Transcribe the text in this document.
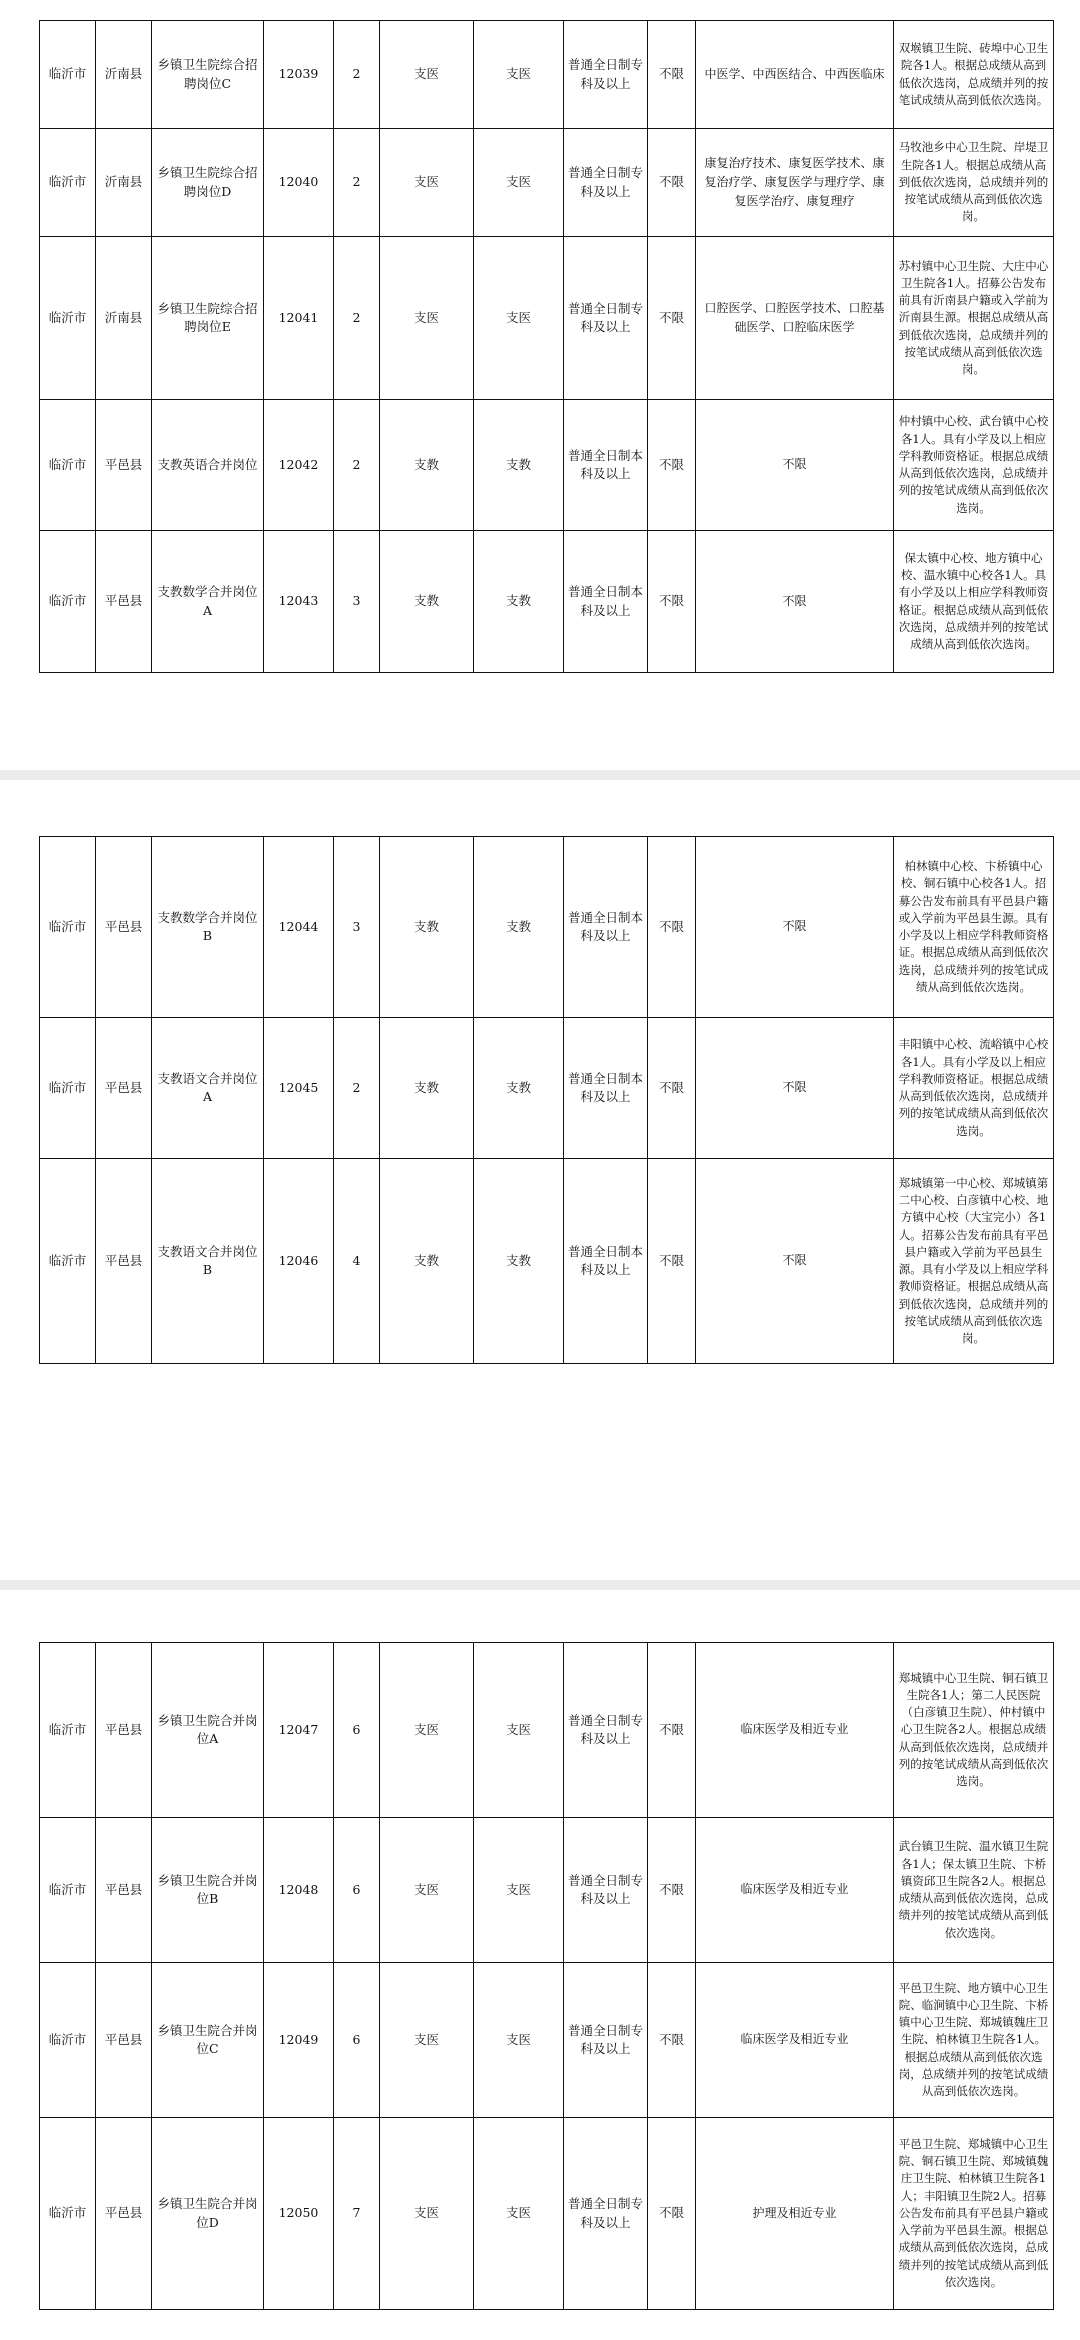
临沂市	沂南县	乡镇卫生院综合招聘岗位C	12039	2	支医	支医	普通全日制专科及以上	不限	中医学、中西医结合、中西医临床	双堠镇卫生院、砖埠中心卫生院各1人。根据总成绩从高到低依次选岗，总成绩并列的按笔试成绩从高到低依次选岗。
临沂市	沂南县	乡镇卫生院综合招聘岗位D	12040	2	支医	支医	普通全日制专科及以上	不限	康复治疗技术、康复医学技术、康复治疗学、康复医学与理疗学、康复医学治疗、康复理疗	马牧池乡中心卫生院、岸堤卫生院各1人。根据总成绩从高到低依次选岗，总成绩并列的按笔试成绩从高到低依次选岗。
临沂市	沂南县	乡镇卫生院综合招聘岗位E	12041	2	支医	支医	普通全日制专科及以上	不限	口腔医学、口腔医学技术、口腔基础医学、口腔临床医学	苏村镇中心卫生院、大庄中心卫生院各1人。招募公告发布前具有沂南县户籍或入学前为沂南县生源。根据总成绩从高到低依次选岗，总成绩并列的按笔试成绩从高到低依次选岗。
临沂市	平邑县	支教英语合并岗位	12042	2	支教	支教	普通全日制本科及以上	不限	不限	仲村镇中心校、武台镇中心校各1人。具有小学及以上相应学科教师资格证。根据总成绩从高到低依次选岗，总成绩并列的按笔试成绩从高到低依次选岗。
临沂市	平邑县	支教数学合并岗位A	12043	3	支教	支教	普通全日制本科及以上	不限	不限	保太镇中心校、地方镇中心校、温水镇中心校各1人。具有小学及以上相应学科教师资格证。根据总成绩从高到低依次选岗，总成绩并列的按笔试成绩从高到低依次选岗。
临沂市	平邑县	支教数学合并岗位B	12044	3	支教	支教	普通全日制本科及以上	不限	不限	柏林镇中心校、卞桥镇中心校、铜石镇中心校各1人。招募公告发布前具有平邑县户籍或入学前为平邑县生源。具有小学及以上相应学科教师资格证。根据总成绩从高到低依次选岗，总成绩并列的按笔试成绩从高到低依次选岗。
临沂市	平邑县	支教语文合并岗位A	12045	2	支教	支教	普通全日制本科及以上	不限	不限	丰阳镇中心校、流峪镇中心校各1人。具有小学及以上相应学科教师资格证。根据总成绩从高到低依次选岗，总成绩并列的按笔试成绩从高到低依次选岗。
临沂市	平邑县	支教语文合并岗位B	12046	4	支教	支教	普通全日制本科及以上	不限	不限	郑城镇第一中心校、郑城镇第二中心校、白彦镇中心校、地方镇中心校（大宝完小）各1人。招募公告发布前具有平邑县户籍或入学前为平邑县生源。具有小学及以上相应学科教师资格证。根据总成绩从高到低依次选岗，总成绩并列的按笔试成绩从高到低依次选岗。
临沂市	平邑县	乡镇卫生院合并岗位A	12047	6	支医	支医	普通全日制专科及以上	不限	临床医学及相近专业	郑城镇中心卫生院、铜石镇卫生院各1人；第二人民医院（白彦镇卫生院）、仲村镇中心卫生院各2人。根据总成绩从高到低依次选岗，总成绩并列的按笔试成绩从高到低依次选岗。
临沂市	平邑县	乡镇卫生院合并岗位B	12048	6	支医	支医	普通全日制专科及以上	不限	临床医学及相近专业	武台镇卫生院、温水镇卫生院各1人；保太镇卫生院、卞桥镇资邱卫生院各2人。根据总成绩从高到低依次选岗，总成绩并列的按笔试成绩从高到低依次选岗。
临沂市	平邑县	乡镇卫生院合并岗位C	12049	6	支医	支医	普通全日制专科及以上	不限	临床医学及相近专业	平邑卫生院、地方镇中心卫生院、临涧镇中心卫生院、卞桥镇中心卫生院、郑城镇魏庄卫生院、柏林镇卫生院各1人。根据总成绩从高到低依次选岗，总成绩并列的按笔试成绩从高到低依次选岗。
临沂市	平邑县	乡镇卫生院合并岗位D	12050	7	支医	支医	普通全日制专科及以上	不限	护理及相近专业	平邑卫生院、郑城镇中心卫生院、铜石镇卫生院、郑城镇魏庄卫生院、柏林镇卫生院各1人；丰阳镇卫生院2人。招募公告发布前具有平邑县户籍或入学前为平邑县生源。根据总成绩从高到低依次选岗，总成绩并列的按笔试成绩从高到低依次选岗。
